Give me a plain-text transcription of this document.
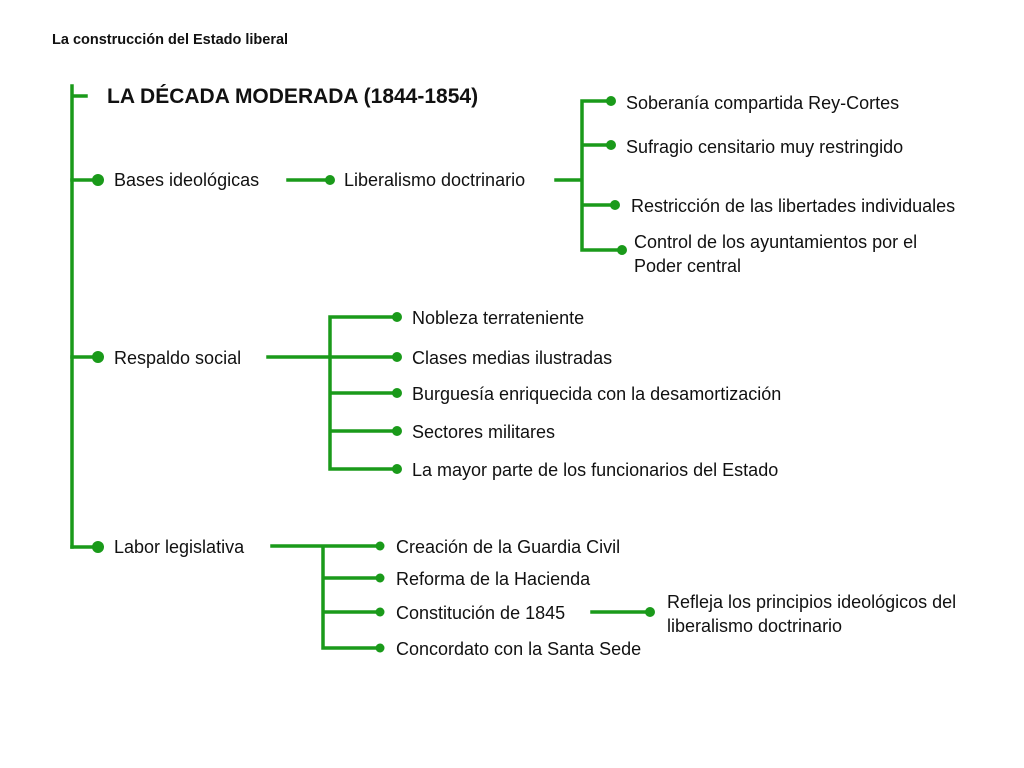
La construcción del Estado liberal

LA DÉCADA MODERADA (1844-1854)

Bases ideológicas	Liberalismo doctrinario

Soberanía compartida Rey-Cortes

Sufragio censitario muy restringido

Restricción de las libertades individuales

Control de los ayuntamientos por el Poder central

Respaldo social

Nobleza terrateniente

Clases medias ilustradas

Burguesía enriquecida con la desamortización

Sectores militares

La mayor parte de los funcionarios del Estado

Labor legislativa	Creación de la Guardia Civil

Reforma de la Hacienda

Constitución de 1845

Concordato con la Santa Sede

Refleja los principios ideológicos del liberalismo doctrinario
